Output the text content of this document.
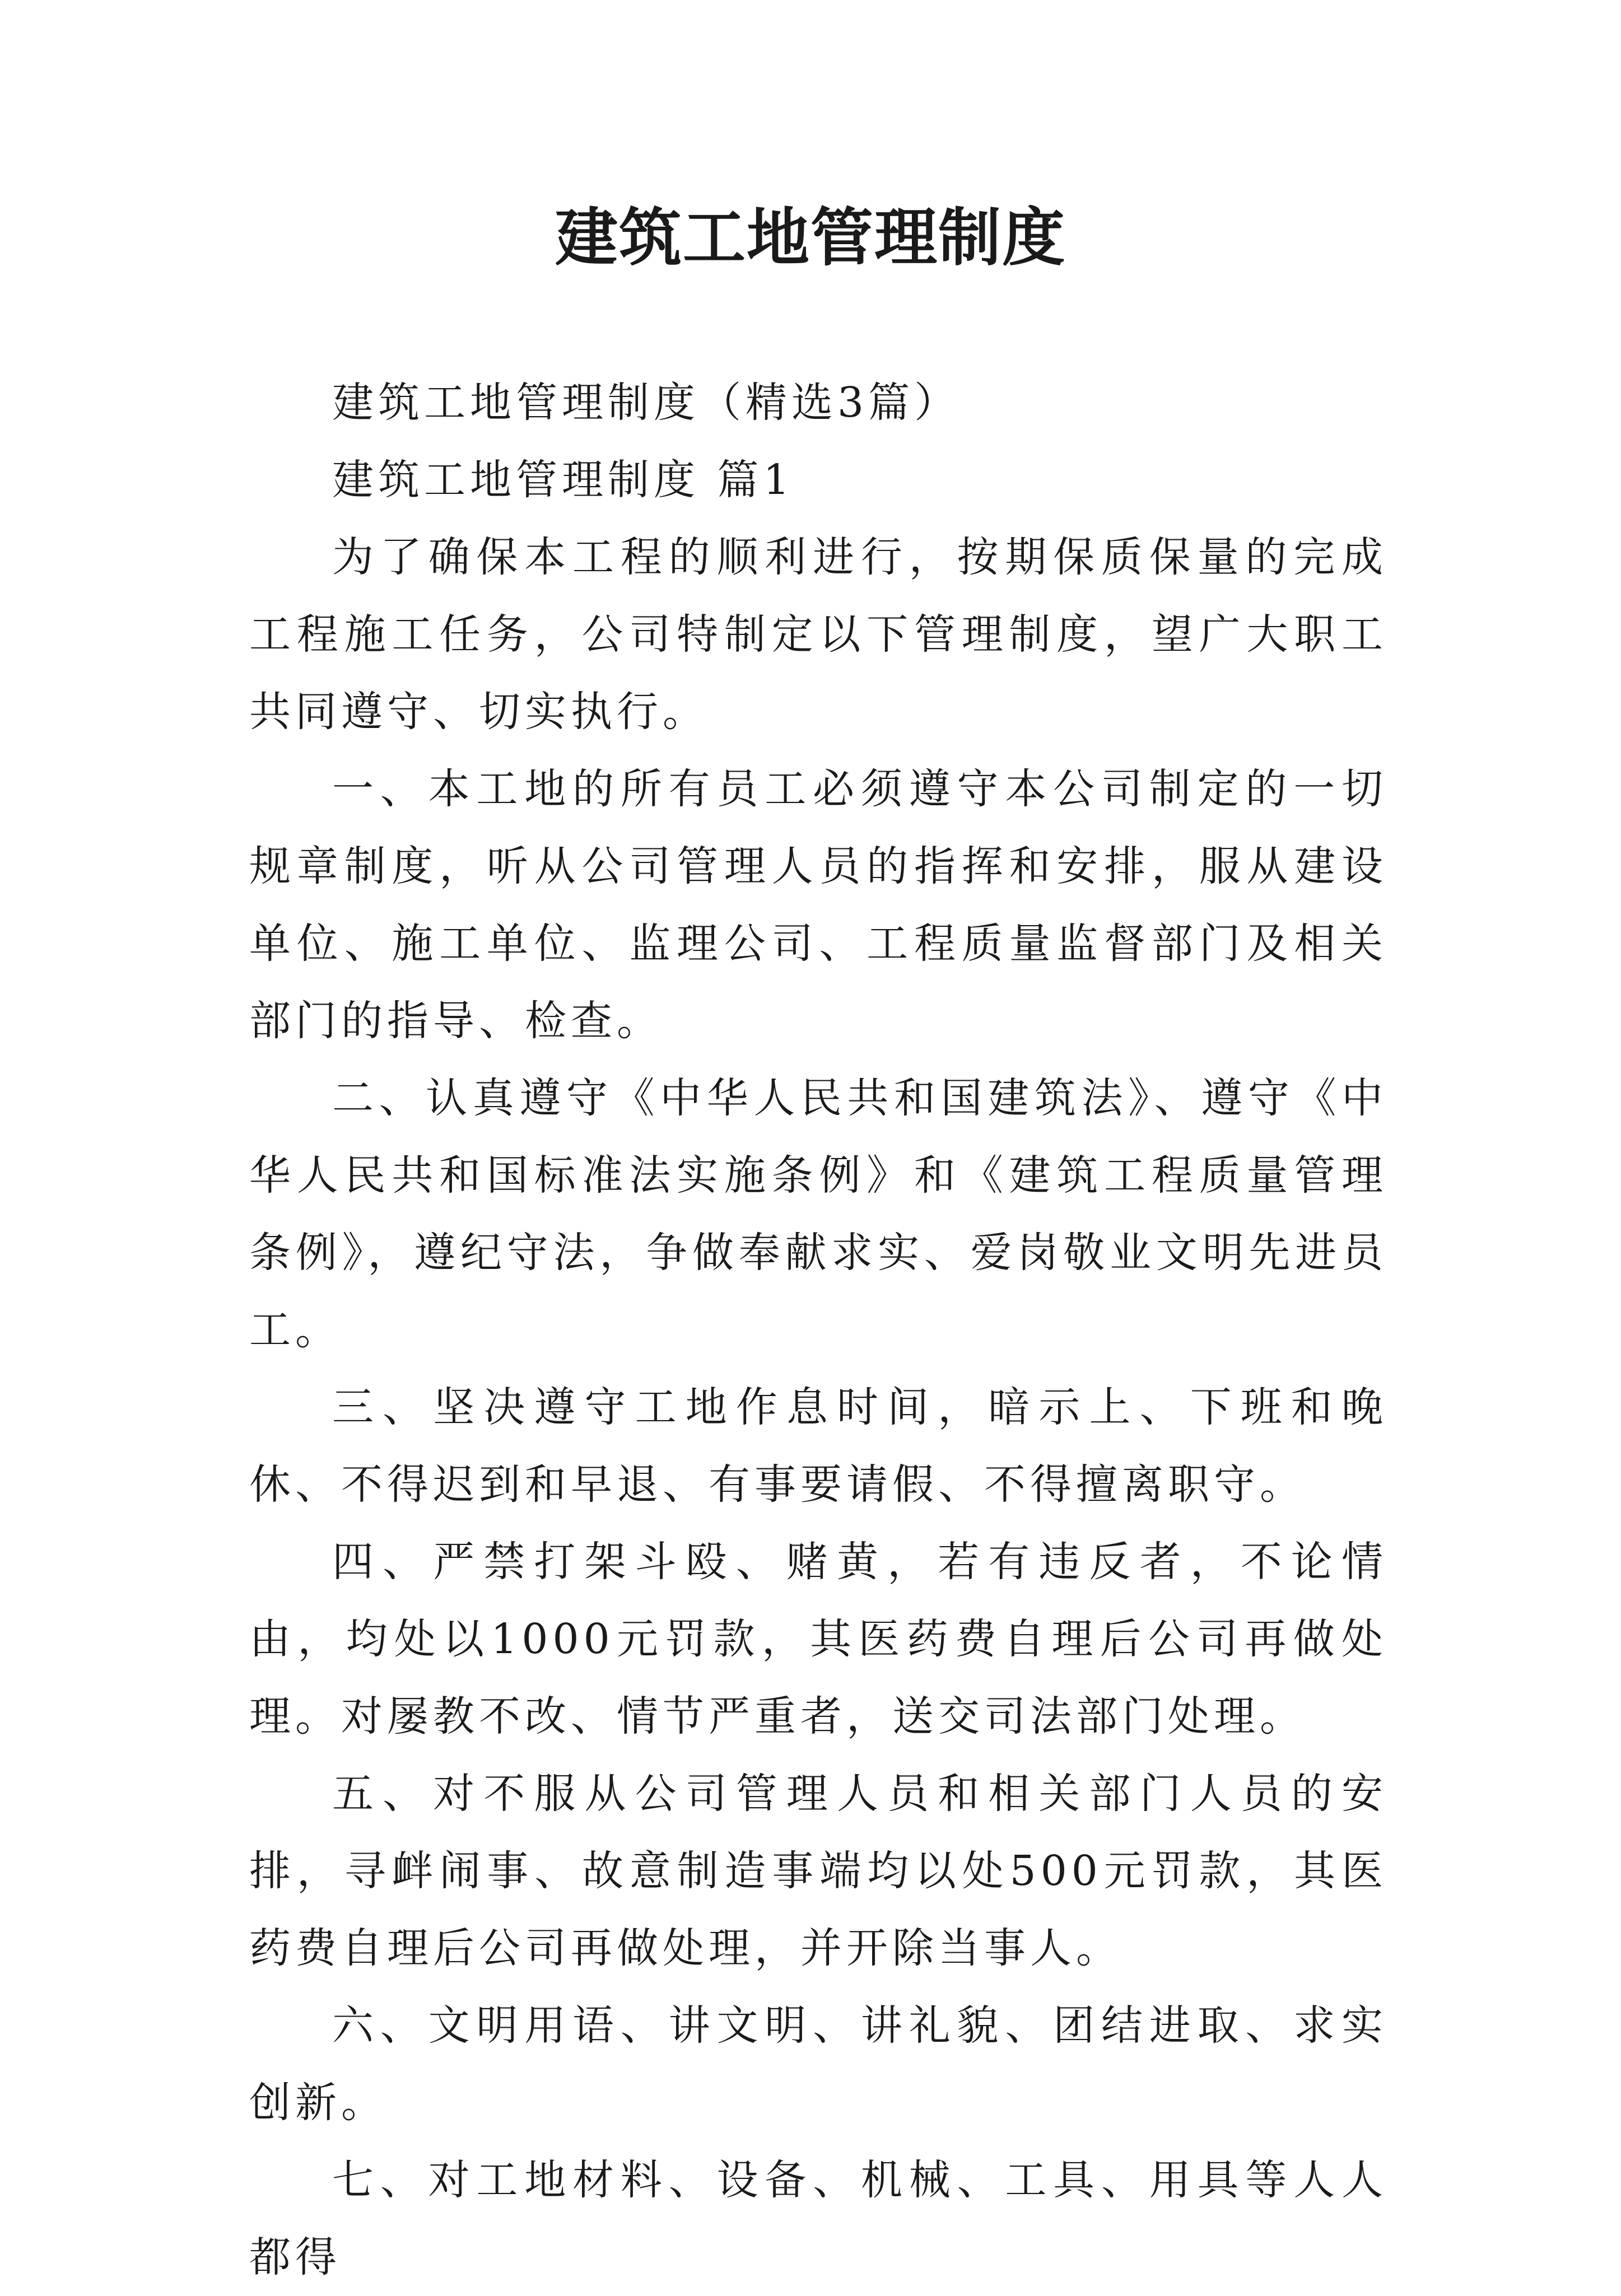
建筑工地管理制度

建筑工地管理制度（精选3篇）

建筑工地管理制度 篇1

为了确保本工程的顺利进行，按期保质保量的完成工程施工任务，公司特制定以下管理制度，望广大职工共同遵守、切实执行。

一、本工地的所有员工必须遵守本公司制定的一切规章制度，听从公司管理人员的指挥和安排，服从建设单位、施工单位、监理公司、工程质量监督部门及相关部门的指导、检查。

二、认真遵守《中华人民共和国建筑法》、遵守《中华人民共和国标准法实施条例》和《建筑工程质量管理条例》，遵纪守法，争做奉献求实、爱岗敬业文明先进员工。

三、坚决遵守工地作息时间，暗示上、下班和晚休、不得迟到和早退、有事要请假、不得擅离职守。

四、严禁打架斗殴、赌黄，若有违反者，不论情由，均处以1000元罚款，其医药费自理后公司再做处理。对屡教不改、情节严重者，送交司法部门处理。

五、对不服从公司管理人员和相关部门人员的安排，寻衅闹事、故意制造事端均以处500元罚款，其医药费自理后公司再做处理，并开除当事人。

六、文明用语、讲文明、讲礼貌、团结进取、求实创新。

七、对工地材料、设备、机械、工具、用具等人人都得
